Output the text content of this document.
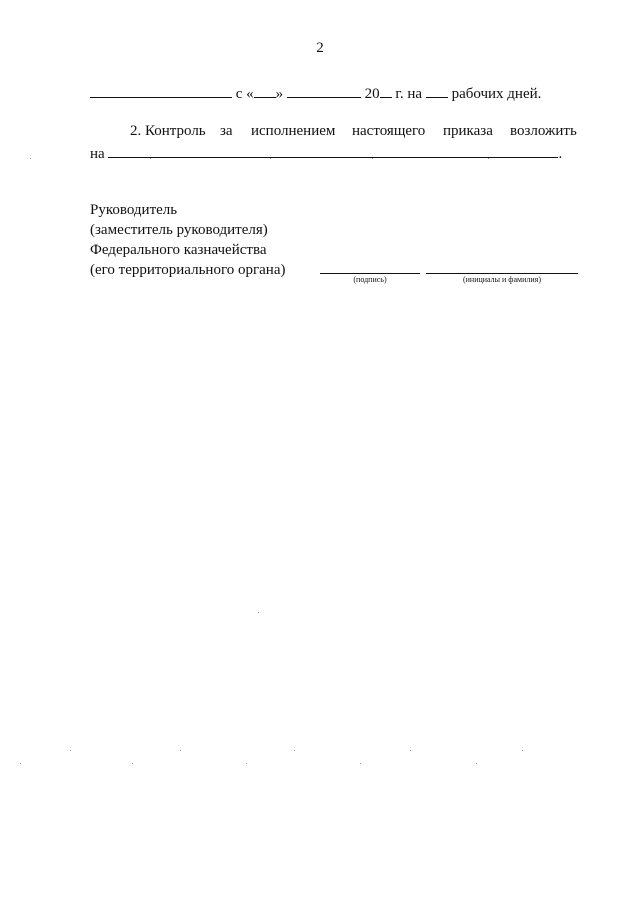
2
с « »	20 г. на рабочих дней.
2. Контроль за исполнением настоящего приказа возложить
на	.
Руководитель
(заместитель руководителя)
Федерального казначейства
(его территориального органа)
(подпись)	(инициалы и фамилия)
